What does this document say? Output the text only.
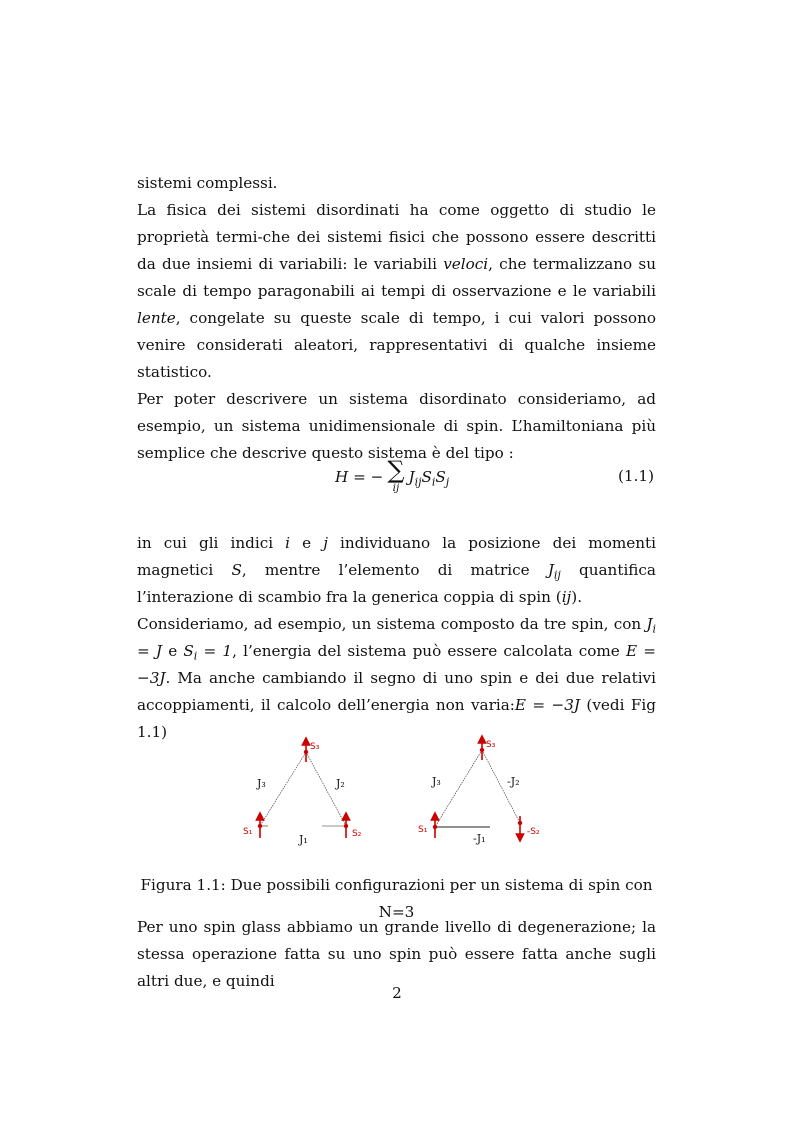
sistemi complessi.

La fisica dei sistemi disordinati ha come oggetto di studio le proprietà termi-che dei sistemi fisici che possono essere descritti da due insiemi di variabili: le variabili veloci, che termalizzano su scale di tempo paragonabili ai tempi di osservazione e le variabili lente, congelate su queste scale di tempo, i cui valori possono venire considerati aleatori, rappresentativi di qualche insieme statistico.

Per poter descrivere un sistema disordinato consideriamo, ad esempio, un sistema unidimensionale di spin. L’hamiltoniana più semplice che descrive questo sistema è del tipo :

H = − ∑
ij
$J_{ij}S_iS_j$	(1.1)

in cui gli indici i e j individuano la posizione dei momenti magnetici S, mentre l’elemento di matrice $J_{ij}$ quantifica l’interazione di scambio fra la generica coppia di spin (ij).

Consideriamo, ad esempio, un sistema composto da tre spin, con $J_i = J$ e $S_i = 1$, l’energia del sistema può essere calcolata come E = −3J. Ma anche cambiando il segno di uno spin e dei due relativi accoppiamenti, il calcolo dell’energia non varia:E = −3J (vedi Fig 1.1)

S₃
S₁	S₂
J₃	J₂
J₁
S₃
S₁	-S₂
J₃	-J₂
-J₁
Figura 1.1: Due possibili configurazioni per un sistema di spin con N=3

Per uno spin glass abbiamo un grande livello di degenerazione; la stessa operazione fatta su uno spin può essere fatta anche sugli altri due, e quindi

2
